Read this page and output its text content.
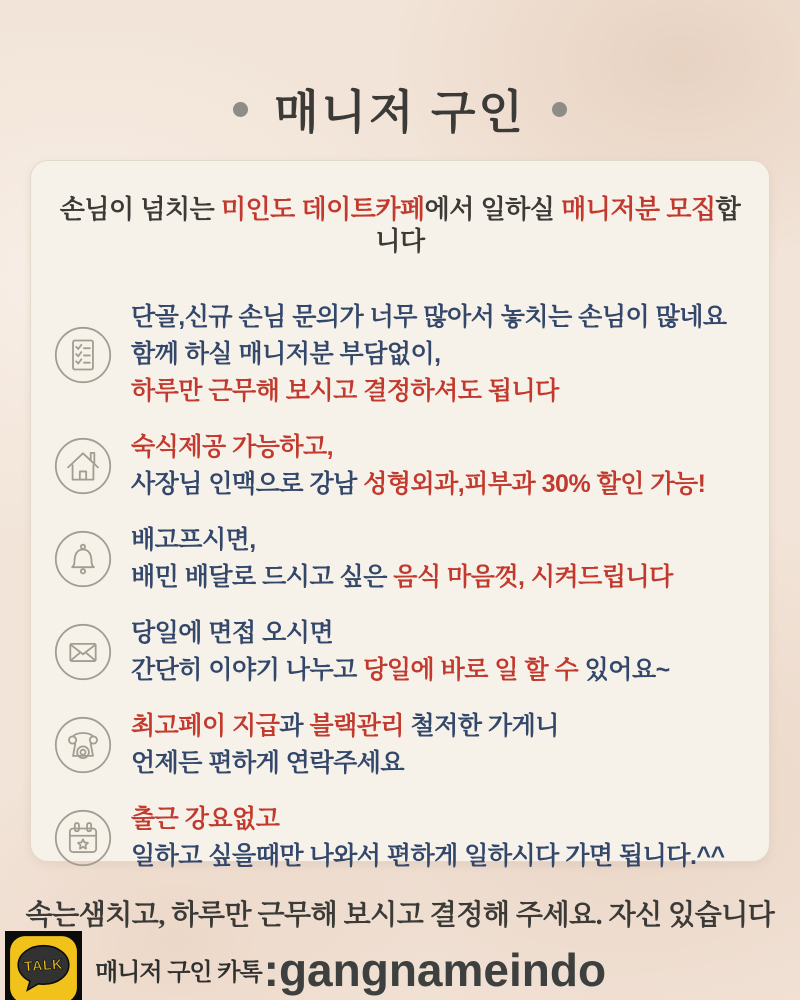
매니저 구인
손님이 넘치는 미인도 데이트카페에서 일하실 매니저분 모집합니다
단골,신규 손님 문의가 너무 많아서 놓치는 손님이 많네요
함께 하실 매니저분 부담없이,
하루만 근무해 보시고 결정하셔도 됩니다
숙식제공 가능하고,
사장님 인맥으로 강남 성형외과,피부과 30% 할인 가능!
배고프시면,
배민 배달로 드시고 싶은 음식 마음껏, 시켜드립니다
당일에 면접 오시면
간단히 이야기 나누고 당일에 바로 일 할 수 있어요~
최고페이 지급과 블랙관리 철저한 가게니
언제든 편하게 연락주세요
출근 강요없고
일하고 싶을때만 나와서 편하게 일하시다 가면 됩니다.^^
속는샘치고, 하루만 근무해 보시고 결정해 주세요. 자신 있습니다
TALK 매니저 구인 카톡 :gangnameindo
